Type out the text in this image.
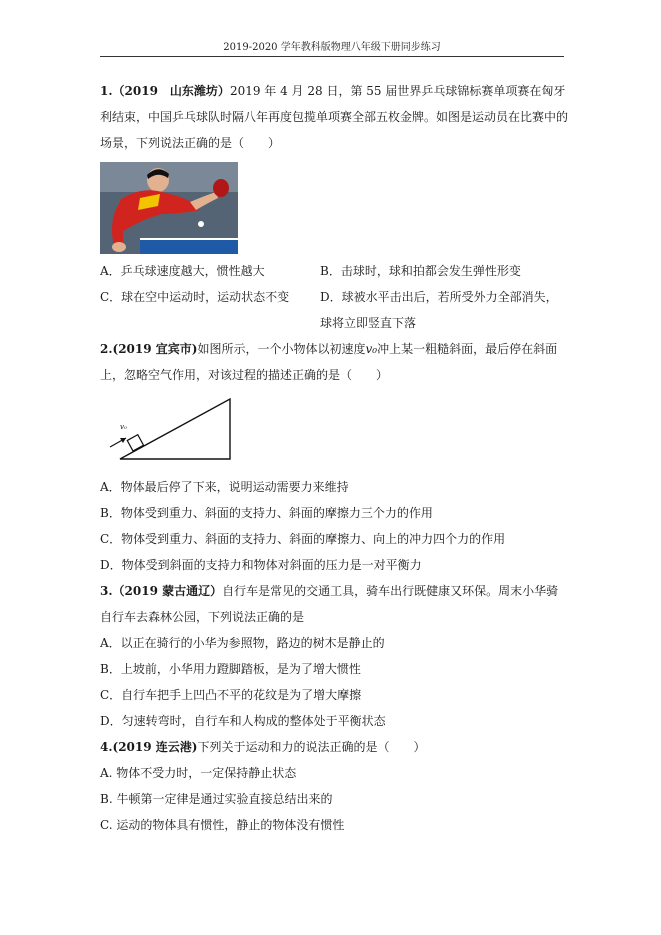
2019-2020 学年教科版物理八年级下册同步练习

1.（2019　山东潍坊）2019 年 4 月 28 日，第 55 届世界乒乓球锦标赛单项赛在匈牙利结束，中国乒乓球队时隔八年再度包揽单项赛全部五枚金牌。如图是运动员在比赛中的场景，下列说法正确的是（　　）

A．乒乓球速度越大，惯性越大	B．击球时，球和拍都会发生弹性形变

C．球在空中运动时，运动状态不变	D．球被水平击出后，若所受外力全部消失，球将立即竖直下落

2.(2019 宜宾市)如图所示，一个小物体以初速度v₀冲上某一粗糙斜面，最后停在斜面上，忽略空气作用，对该过程的描述正确的是（　　）

v₀

A．物体最后停了下来，说明运动需要力来维持

B．物体受到重力、斜面的支持力、斜面的摩擦力三个力的作用

C．物体受到重力、斜面的支持力、斜面的摩擦力、向上的冲力四个力的作用

D．物体受到斜面的支持力和物体对斜面的压力是一对平衡力

3.（2019 蒙古通辽）自行车是常见的交通工具，骑车出行既健康又环保。周末小华骑自行车去森林公园，下列说法正确的是

A．以正在骑行的小华为参照物，路边的树木是静止的

B．上坡前，小华用力蹬脚踏板，是为了增大惯性

C．自行车把手上凹凸不平的花纹是为了增大摩擦

D．匀速转弯时，自行车和人构成的整体处于平衡状态

4.(2019 连云港)下列关于运动和力的说法正确的是（　　）

A. 物体不受力时，一定保持静止状态

B. 牛顿第一定律是通过实验直接总结出来的

C. 运动的物体具有惯性，静止的物体没有惯性
